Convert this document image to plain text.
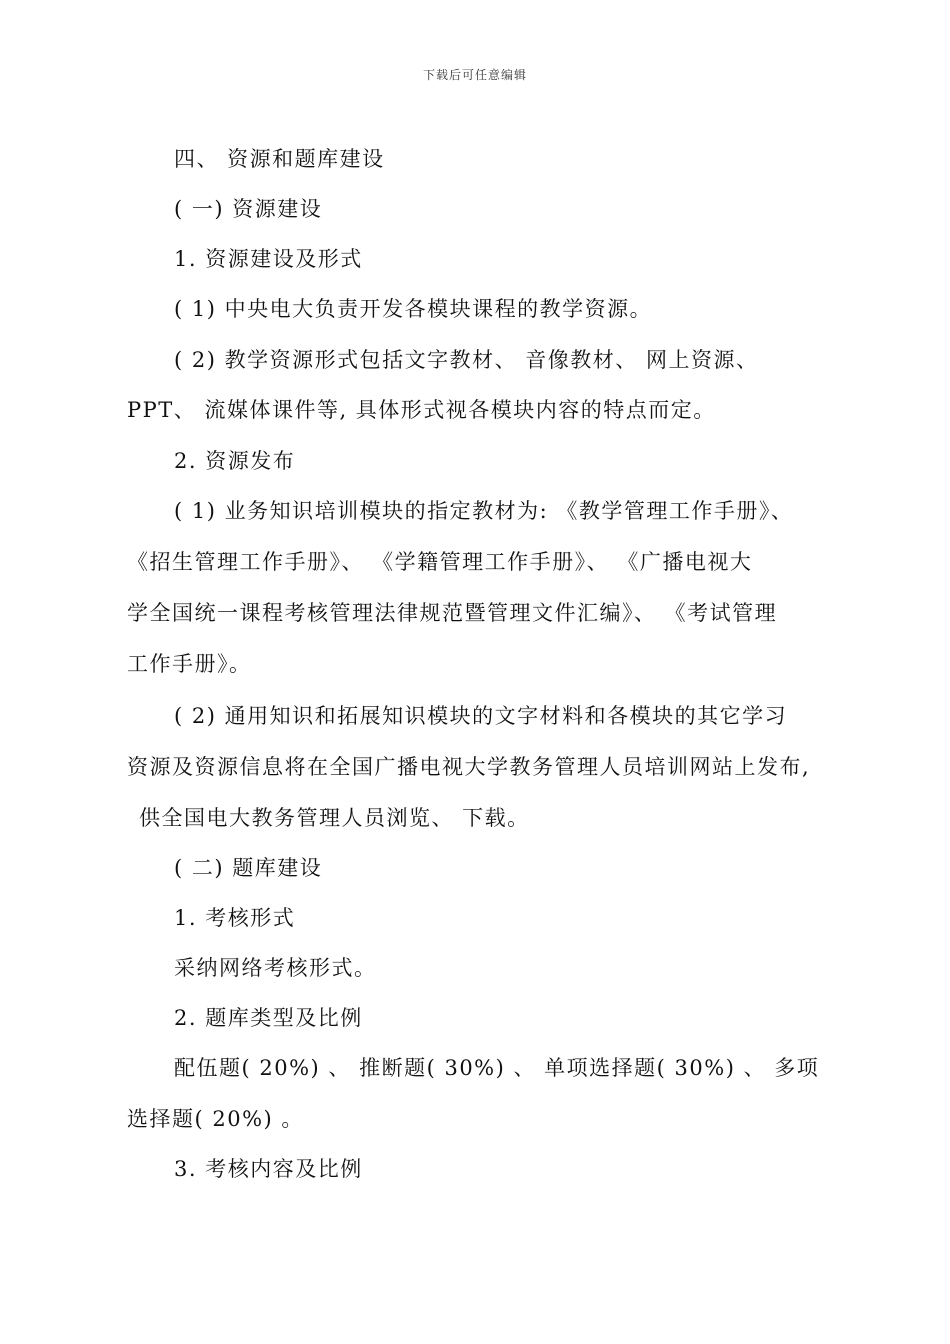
下载后可任意编辑
四、 资源和题库建设
( 一) 资源建设
1. 资源建设及形式
( 1) 中央电大负责开发各模块课程的教学资源。
( 2) 教学资源形式包括文字教材、 音像教材、 网上资源、
PPT、 流媒体课件等, 具体形式视各模块内容的特点而定。
2. 资源发布
( 1) 业务知识培训模块的指定教材为: 《教学管理工作手册》、
《招生管理工作手册》、 《学籍管理工作手册》、 《广播电视大
学全国统一课程考核管理法律规范暨管理文件汇编》、 《考试管理
工作手册》。
( 2) 通用知识和拓展知识模块的文字材料和各模块的其它学习
资源及资源信息将在全国广播电视大学教务管理人员培训网站上发布,
供全国电大教务管理人员浏览、 下载。
( 二) 题库建设
1. 考核形式
采纳网络考核形式。
2. 题库类型及比例
配伍题( 20%) 、 推断题( 30%) 、 单项选择题( 30%) 、 多项
选择题( 20%) 。
3. 考核内容及比例
